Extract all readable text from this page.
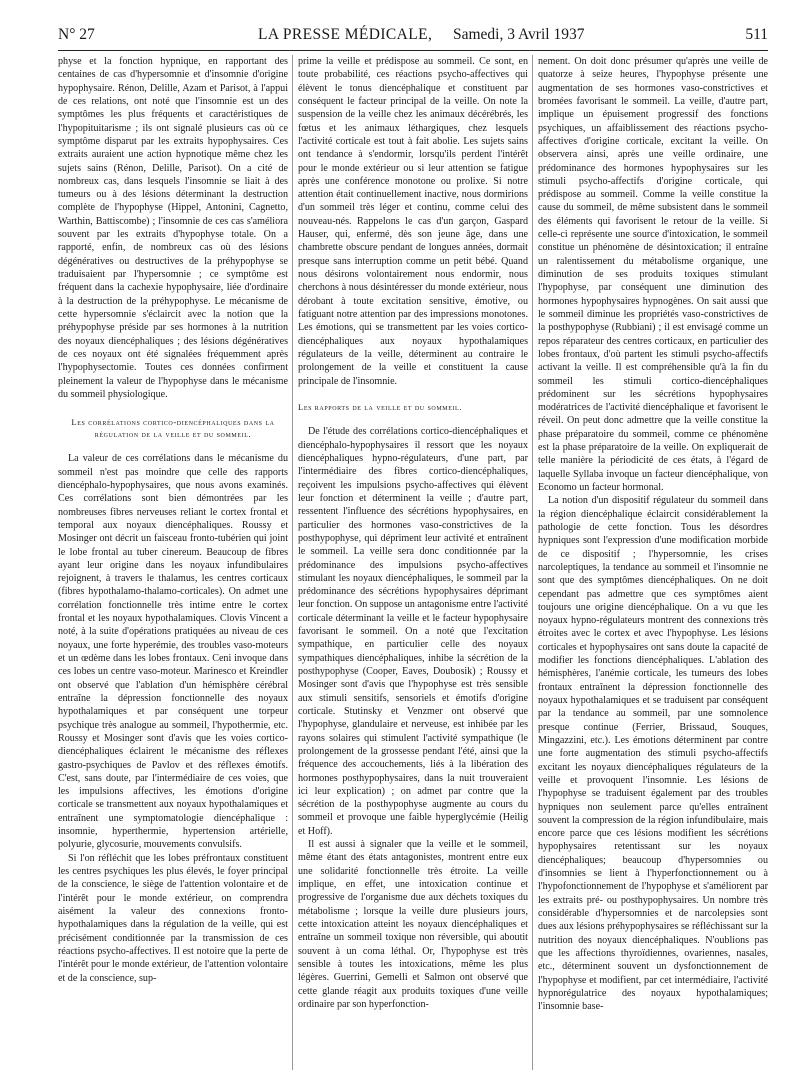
N° 27	LA PRESSE MÉDICALE, Samedi, 3 Avril 1937	511

physe et la fonction hypnique, en rapportant des centaines de cas d'hypersomnie et d'insomnie d'origine hypophysaire. Rénon, Delille, Azam et Parisot, à l'appui de ces relations, ont noté que l'insomnie est un des symptômes les plus fréquents et caractéristiques de l'hypopituitarisme ; ils ont signalé plusieurs cas où ce symptôme disparut par les extraits hypophysaires. Ces extraits auraient une action hypnotique même chez les sujets sains (Rénon, Delille, Parisot). On a cité de nombreux cas, dans lesquels l'insomnie se liait à des tumeurs ou à des lésions déterminant la destruction complète de l'hypophyse (Hippel, Antonini, Cagnetto, Warthin, Battiscombe) ; l'insomnie de ces cas s'améliora souvent par les extraits d'hypophyse totale. On a rapporté, enfin, de nombreux cas où des lésions dégénératives ou destructives de la préhypophyse se traduisaient par l'hypersomnie ; ce symptôme est fréquent dans la cachexie hypophysaire, liée d'ordinaire à la destruction de la préhypophyse. Le mécanisme de cette hypersomnie s'éclaircit avec la notion que la préhypophyse préside par ses hormones à la nutrition des noyaux diencéphaliques ; des lésions dégénératives de ces noyaux ont été signalées fréquemment après l'hypophysectomie. Toutes ces données confirment pleinement la valeur de l'hypophyse dans le mécanisme du sommeil physiologique.

Les corrélations cortico-diencéphaliques dans la régulation de la veille et du sommeil.

La valeur de ces corrélations dans le mécanisme du sommeil n'est pas moindre que celle des rapports diencéphalo-hypophysaires, que nous avons examinés. Ces corrélations sont bien démontrées par les nombreuses fibres nerveuses reliant le cortex frontal et temporal aux noyaux diencéphaliques. Roussy et Mosinger ont décrit un faisceau fronto-tubérien qui joint le lobe frontal au tuber cinereum. Beaucoup de fibres ayant leur origine dans les noyaux infundibulaires rejoignent, à travers le thalamus, les centres corticaux (fibres hypothalamo-thalamo-corticales). On admet une corrélation fonctionnelle très intime entre le cortex frontal et les noyaux hypothalamiques. Clovis Vincent a noté, à la suite d'opérations pratiquées au niveau de ces noyaux, une forte hyperémie, des troubles vaso-moteurs et un œdème dans les lobes frontaux. Ceni invoque dans ces lobes un centre vaso-moteur. Marinesco et Kreindler ont observé que l'ablation d'un hémisphère cérébral entraîne la dépression fonctionnelle des noyaux hypothalamiques et par conséquent une torpeur psychique très analogue au sommeil, l'hypothermie, etc. Roussy et Mosinger sont d'avis que les voies cortico-diencéphaliques éclairent le mécanisme des réflexes gastro-psychiques de Pavlov et des réflexes émotifs. C'est, sans doute, par l'intermédiaire de ces voies, que les impulsions affectives, les émotions d'origine corticale se transmettent aux noyaux hypothalamiques et entraînent une symptomatologie diencéphalique : insomnie, hyperthermie, hypertension artérielle, polyurie, glycosurie, mouvements convulsifs.

Si l'on réfléchit que les lobes préfrontaux constituent les centres psychiques les plus élevés, le foyer principal de la conscience, le siège de l'attention volontaire et de l'intérêt pour le monde extérieur, on comprendra aisément la valeur des connexions fronto-hypothalamiques dans la régulation de la veille, qui est précisément conditionnée par la transmission de ces réactions psycho-affectives. Il est notoire que la perte de l'intérêt pour le monde extérieur, de l'attention volontaire et de la conscience, sup-

prime la veille et prédispose au sommeil. Ce sont, en toute probabilité, ces réactions psycho-affectives qui élèvent le tonus diencéphalique et constituent par conséquent le facteur principal de la veille. On note la suspension de la veille chez les animaux décérébrés, les fœtus et les animaux léthargiques, chez lesquels l'activité corticale est tout à fait abolie. Les sujets sains ont tendance à s'endormir, lorsqu'ils perdent l'intérêt pour le monde extérieur ou si leur attention se fatigue après une conférence monotone ou prolixe. Si notre attention était continuellement inactive, nous dormirions d'un sommeil très léger et continu, comme celui des nouveau-nés. Rappelons le cas d'un garçon, Gaspard Hauser, qui, enfermé, dès son jeune âge, dans une chambrette obscure pendant de longues années, dormait presque sans interruption comme un petit bébé. Quand nous désirons volontairement nous endormir, nous cherchons à nous désintéresser du monde extérieur, nous dérobant à toute excitation sensitive, émotive, ou fatiguant notre attention par des impressions monotones. Les émotions, qui se transmettent par les voies cortico-diencéphaliques aux noyaux hypothalamiques régulateurs de la veille, déterminent au contraire le prolongement de la veille et constituent la cause principale de l'insomnie.

Les rapports de la veille et du sommeil.

De l'étude des corrélations cortico-diencéphaliques et diencéphalo-hypophysaires il ressort que les noyaux diencéphaliques hypno-régulateurs, d'une part, par l'intermédiaire des fibres cortico-diencéphaliques, reçoivent les impulsions psycho-affectives qui élèvent leur fonction et déterminent la veille ; d'autre part, ressentent l'influence des sécrétions hypophysaires, en particulier des hormones vaso-constrictives de la posthypophyse, qui dépriment leur activité et entraînent le sommeil. La veille sera donc conditionnée par la prédominance des impulsions psycho-affectives stimulant les noyaux diencéphaliques, le sommeil par la prédominance des sécrétions hypophysaires déprimant leur fonction. On suppose un antagonisme entre l'activité corticale déterminant la veille et le facteur hypophysaire favorisant le sommeil. On a noté que l'excitation sympathique, en particulier celle des noyaux sympathiques diencéphaliques, inhibe la sécrétion de la posthypophyse (Cooper, Eaves, Doubosik) ; Roussy et Mosinger sont d'avis que l'hypophyse est très sensible aux stimuli sensitifs, sensoriels et émotifs d'origine corticale. Stutinsky et Venzmer ont observé que l'hypophyse, glandulaire et nerveuse, est inhibée par les rayons solaires qui stimulent l'activité sympathique (le prolongement de la grossesse pendant l'été, ainsi que la fréquence des accouchements, liés à la libération des hormones posthypophysaires, dans la nuit trouveraient ici leur explication) ; on admet par contre que la sécrétion de la posthypophyse augmente au cours du sommeil et provoque une faible hyperglycémie (Heilig et Hoff).

Il est aussi à signaler que la veille et le sommeil, même étant des états antagonistes, montrent entre eux une solidarité fonctionnelle très étroite. La veille implique, en effet, une intoxication continue et progressive de l'organisme due aux déchets toxiques du métabolisme ; lorsque la veille dure plusieurs jours, cette intoxication atteint les noyaux diencéphaliques et entraîne un sommeil toxique non réversible, qui aboutit souvent à un coma léthal. Or, l'hypophyse est très sensible à toutes les intoxications, même les plus légères. Guerrini, Gemelli et Salmon ont observé que cette glande réagit aux produits toxiques d'une veille ordinaire par son hyperfonction-

nement. On doit donc présumer qu'après une veille de quatorze à seize heures, l'hypophyse présente une augmentation de ses hormones vaso-constrictives et bromées favorisant le sommeil. La veille, d'autre part, implique un épuisement progressif des fonctions psychiques, un affaiblissement des réactions psycho-affectives d'origine corticale, excitant la veille. On observera ainsi, après une veille ordinaire, une prédominance des hormones hypophysaires sur les stimuli psycho-affectifs d'origine corticale, qui prédispose au sommeil. Comme la veille constitue la cause du sommeil, de même subsistent dans le sommeil des éléments qui favorisent le retour de la veille. Si celle-ci représente une source d'intoxication, le sommeil constitue un phénomène de désintoxication; il entraîne un ralentissement du métabolisme organique, une diminution de ses produits toxiques stimulant l'hypophyse, par conséquent une diminution des hormones hypophysaires hypnogènes. On sait aussi que le sommeil diminue les propriétés vaso-constrictives de la posthypophyse (Rubbiani) ; il est envisagé comme un repos réparateur des centres corticaux, en particulier des lobes frontaux, d'où partent les stimuli psycho-affectifs activant la veille. Il est compréhensible qu'à la fin du sommeil les stimuli cortico-diencéphaliques prédominent sur les sécrétions hypophysaires modératrices de l'activité diencéphalique et favorisent le réveil. On peut donc admettre que la veille constitue la phase préparatoire du sommeil, comme ce phénomène est la phase préparatoire de la veille. On expliquerait de telle manière la périodicité de ces états, à l'égard de laquelle Syllaba invoque un facteur diencéphalique, von Economo un facteur hormonal.

La notion d'un dispositif régulateur du sommeil dans la région diencéphalique éclaircit considérablement la pathologie de cette fonction. Tous les désordres hypniques sont l'expression d'une modification morbide de ce dispositif ; l'hypersomnie, les crises narcoleptiques, la tendance au sommeil et l'insomnie ne sont que des symptômes diencéphaliques. On ne doit cependant pas admettre que ces symptômes aient toujours une origine diencéphalique. On a vu que les noyaux hypno-régulateurs montrent des connexions très étroites avec le cortex et avec l'hypophyse. Les lésions corticales et hypophysaires ont sans doute la capacité de modifier les fonctions diencéphaliques. L'ablation des hémisphères, l'anémie corticale, les tumeurs des lobes frontaux entraînent la dépression fonctionnelle des noyaux hypothalamiques et se traduisent par conséquent par la tendance au sommeil, par une somnolence presque continue (Ferrier, Brissaud, Souques, Mingazzini, etc.). Les émotions déterminent par contre une forte augmentation des stimuli psycho-affectifs excitant les noyaux diencéphaliques régulateurs de la veille et provoquent l'insomnie. Les lésions de l'hypophyse se traduisent également par des troubles hypniques non seulement parce qu'elles entraînent souvent la compression de la région infundibulaire, mais encore parce que ces lésions modifient les sécrétions hypophysaires retentissant sur les noyaux diencéphaliques; beaucoup d'hypersomnies ou d'insomnies se lient à l'hyperfonctionnement ou à l'hypofonctionnement de l'hypophyse et s'améliorent par les extraits pré- ou posthypophysaires. Un nombre très considérable d'hypersomnies et de narcolepsies sont dues aux lésions préhypophysaires se réfléchissant sur la nutrition des noyaux diencéphaliques. N'oublions pas que les affections thyroïdiennes, ovariennes, nasales, etc., déterminent souvent un dysfonctionnement de l'hypophyse et modifient, par cet intermédiaire, l'activité hypnorégulatrice des noyaux hypothalamiques; l'insomnie base-
